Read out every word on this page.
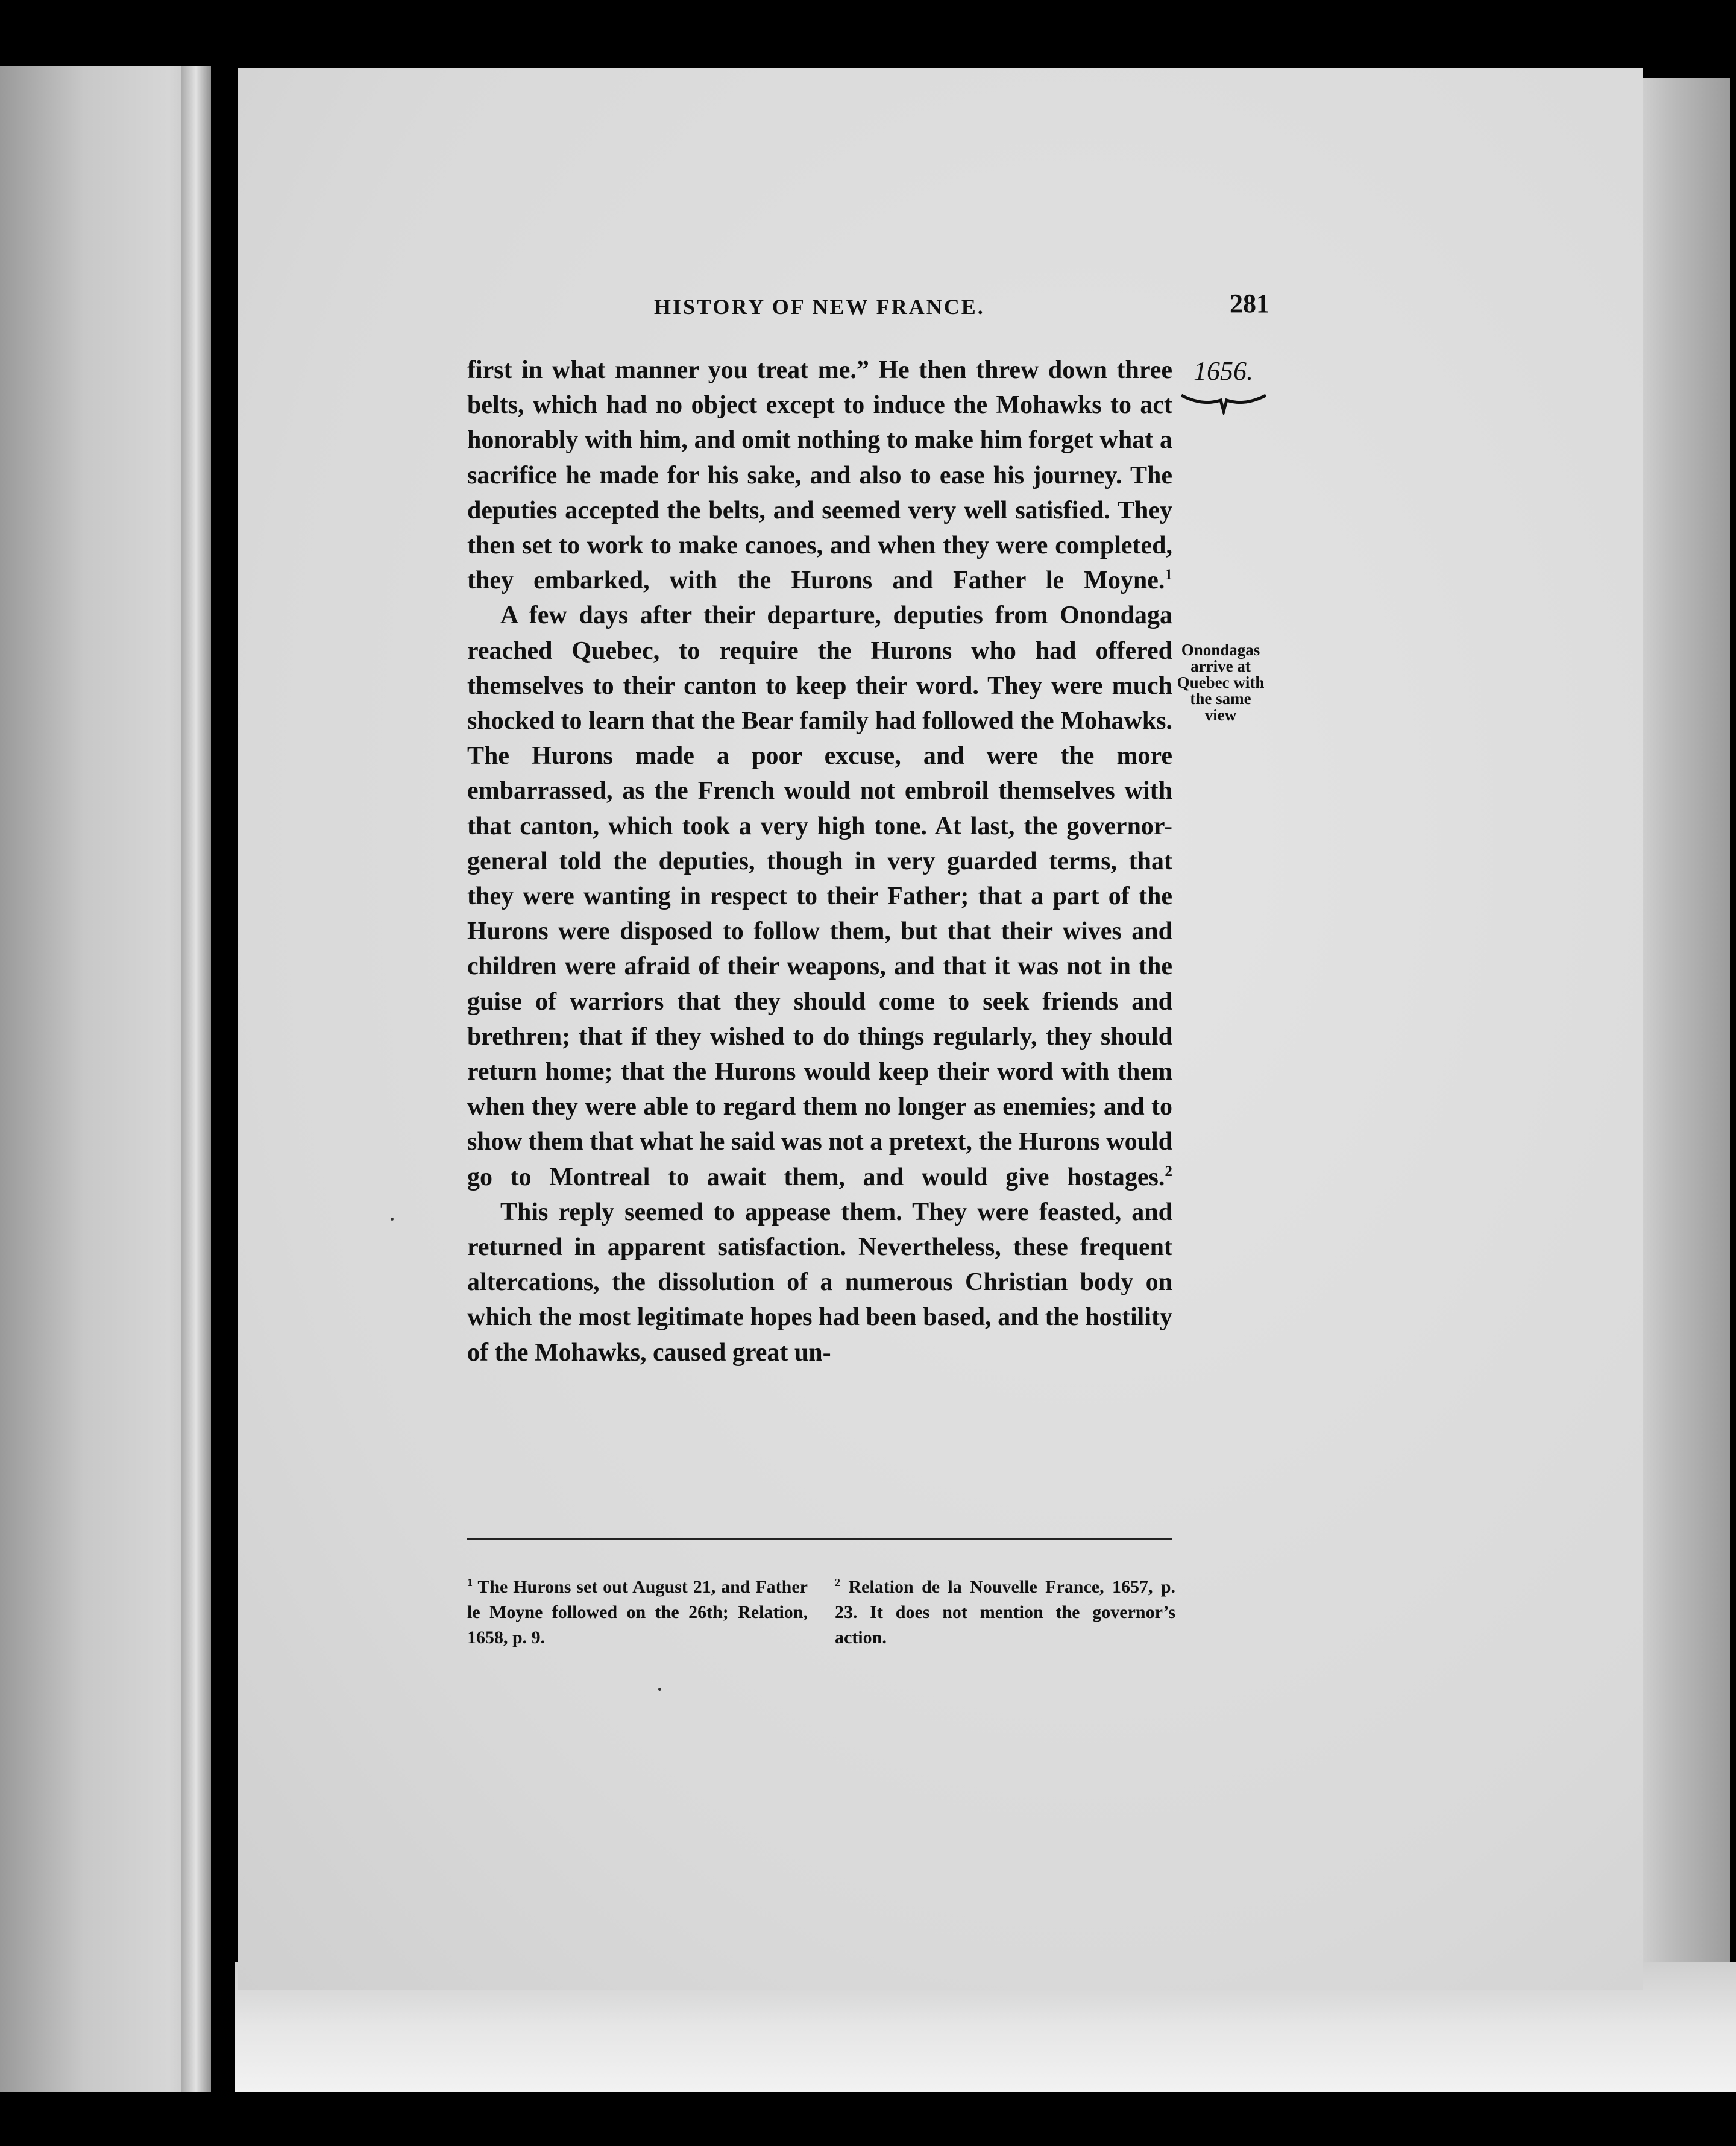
HISTORY OF NEW FRANCE.	281
1656.
Onondagas arrive at Quebec with the same view

first in what manner you treat me.” He then threw down three belts, which had no object except to induce the Mohawks to act honorably with him, and omit nothing to make him forget what a sacrifice he made for his sake, and also to ease his journey. The deputies accepted the belts, and seemed very well satisfied. They then set to work to make canoes, and when they were completed, they embarked, with the Hurons and Father le Moyne.$^1$

A few days after their departure, deputies from Onondaga reached Quebec, to require the Hurons who had offered themselves to their canton to keep their word. They were much shocked to learn that the Bear family had followed the Mohawks. The Hurons made a poor excuse, and were the more embarrassed, as the French would not embroil themselves with that canton, which took a very high tone. At last, the governor-general told the deputies, though in very guarded terms, that they were wanting in respect to their Father; that a part of the Hurons were disposed to follow them, but that their wives and children were afraid of their weapons, and that it was not in the guise of warriors that they should come to seek friends and brethren; that if they wished to do things regularly, they should return home; that the Hurons would keep their word with them when they were able to regard them no longer as enemies; and to show them that what he said was not a pretext, the Hurons would go to Montreal to await them, and would give hostages.$^2$

This reply seemed to appease them. They were feasted, and returned in apparent satisfaction. Nevertheless, these frequent altercations, the dissolution of a numerous Christian body on which the most legitimate hopes had been based, and the hostility of the Mohawks, caused great un-

$^1$ The Hurons set out August 21, and Father le Moyne followed on the 26th; Relation, 1658, p. 9.
$^2$ Relation de la Nouvelle France, 1657, p. 23. It does not mention the governor’s action.
